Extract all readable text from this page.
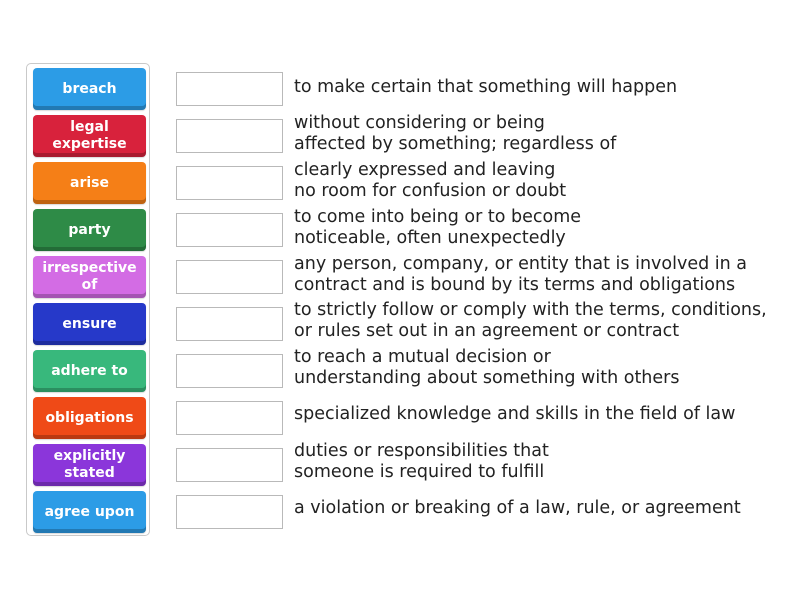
breach
legal
expertise
arise
party
irrespective
of
ensure
adhere to
obligations
explicitly
stated
agree upon
to make certain that something will happen
without considering or being
affected by something; regardless of
clearly expressed and leaving
no room for confusion or doubt
to come into being or to become
noticeable, often unexpectedly
any person, company, or entity that is involved in a
contract and is bound by its terms and obligations
to strictly follow or comply with the terms, conditions,
or rules set out in an agreement or contract
to reach a mutual decision or
understanding about something with others
specialized knowledge and skills in the field of law
duties or responsibilities that
someone is required to fulfill
a violation or breaking of a law, rule, or agreement
